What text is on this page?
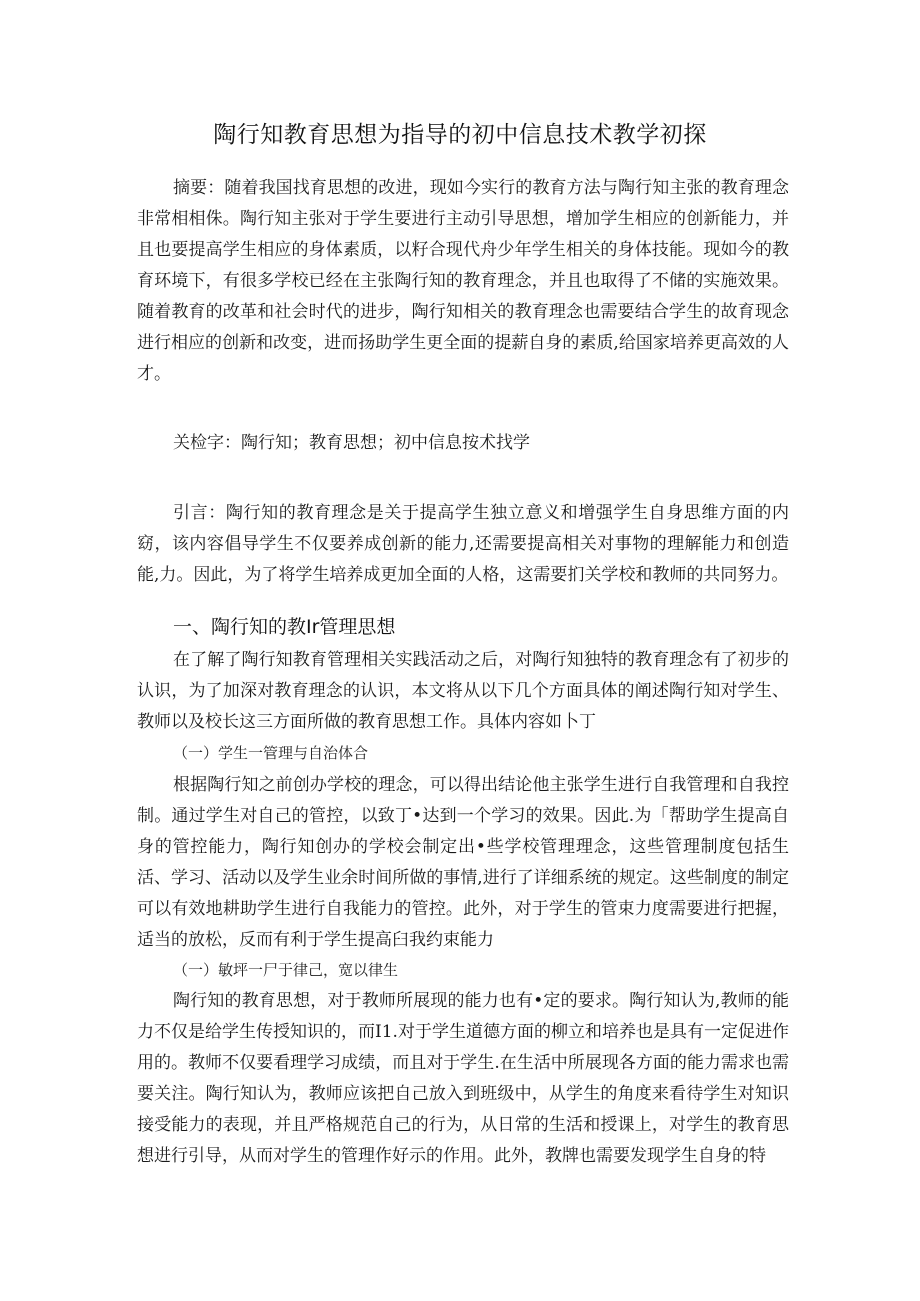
陶行知教育思想为指导的初中信息技术教学初探

摘要：随着我国找育思想的改进，现如今实行的教育方法与陶行知主张的教育理念非常相相侏。陶行知主张对于学生要进行主动引导思想，增加学生相应的创新能力，并且也要提高学生相应的身体素质，以籽合现代舟少年学生相关的身体技能。现如今的教育环境下，有很多学校已经在主张陶行知的教育理念，并且也取得了不储的实施效果。随着教育的改革和社会时代的进步，陶行知相关的教育理念也需要结合学生的故育现念进行相应的创新和改变，进而扬助学生更全面的提薪自身的素质,给国家培养更高效的人才。

关检字：陶行知；教育思想；初中信息按术找学

引言：陶行知的教育理念是关于提高学生独立意义和增强学生自身思维方面的内窈，该内容倡导学生不仅要养成创新的能力,还需要提高相关对事物的理解能力和创造能,力。因此，为了将学生培养成更加全面的人格，这需要扪关学校和教师的共同努力。

一、陶行知的教Ir管理思想

在了解了陶行知教育管理相关实践活动之后，对陶行知独特的教育理念有了初步的认识，为了加深对教育理念的认识，本文将从以下几个方面具体的阐述陶行知对学生、教师以及校长这三方面所做的教育思想工作。具体内容如卜丁

（一）学生一管理与自治体合

根据陶行知之前创办学校的理念，可以得出结论他主张学生进行自我管理和自我控制。通过学生对自己的管控，以致丁•达到一个学习的效果。因此.为「帮助学生提高自身的管控能力，陶行知创办的学校会制定出•些学校管理理念，这些管理制度包括生活、学习、活动以及学生业余时间所做的事情,进行了详细系统的规定。这些制度的制定可以有效地耕助学生进行自我能力的管控。此外，对于学生的管束力度需要进行把握，适当的放松，反而有利于学生提高臼我约束能力

（一）敏坪一尸于律己，宽以律生

陶行知的教育思想，对于教师所展现的能力也有•定的要求。陶行知认为,教师的能力不仅是给学生传授知识的，而I1.对于学生道德方面的柳立和培养也是具有一定促进作用的。教师不仅要看理学习成绩，而且对于学生.在生活中所展现各方面的能力需求也需要关注。陶行知认为，教师应该把自己放入到班级中，从学生的角度来看待学生对知识接受能力的表现，并且严格规范自己的行为，从日常的生活和授课上，对学生的教育思想进行引导，从而对学生的管理作好示的作用。此外，教牌也需要发现学生自身的特
